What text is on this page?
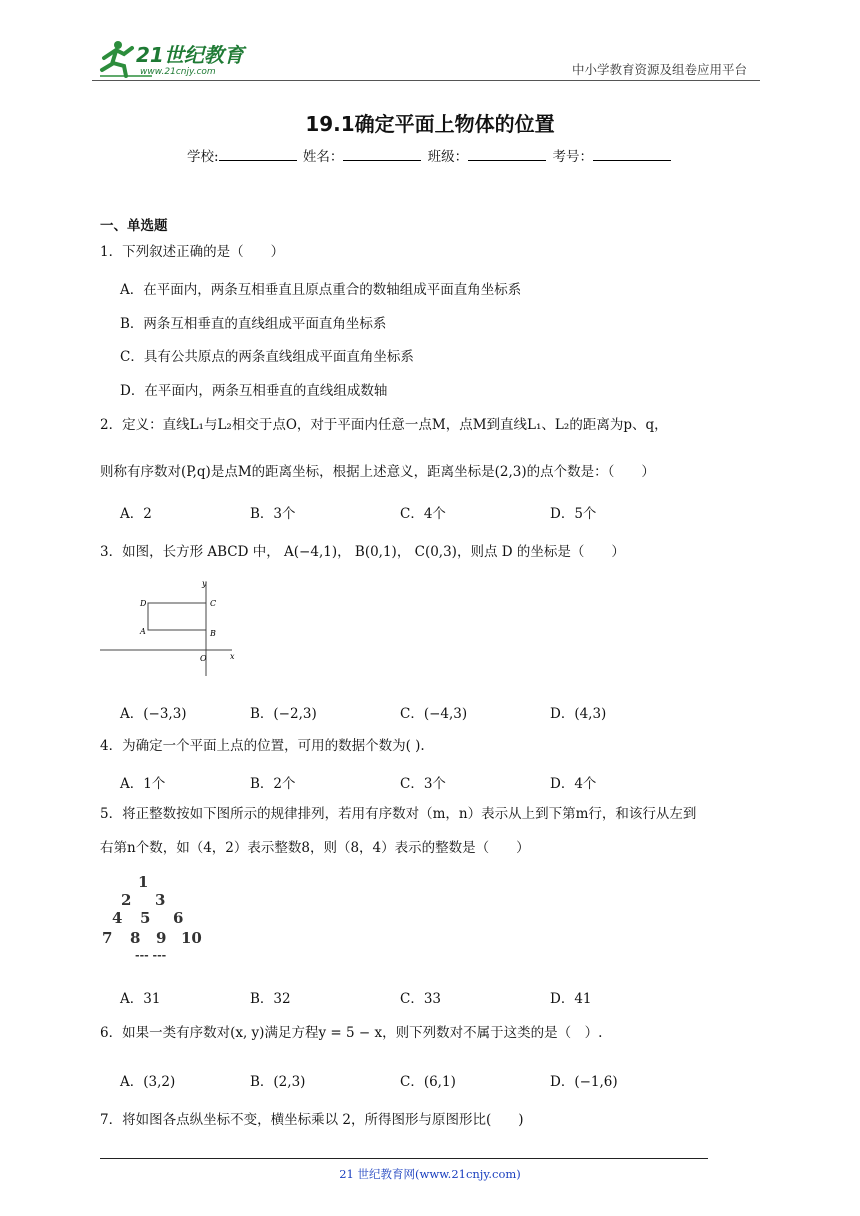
21世纪教育
www.21cnjy.com	中小学教育资源及组卷应用平台
19.1确定平面上物体的位置
学校:	姓名：	班级：	考号：
一、单选题
1．下列叙述正确的是（　　）
A．在平面内，两条互相垂直且原点重合的数轴组成平面直角坐标系
B．两条互相垂直的直线组成平面直角坐标系
C．具有公共原点的两条直线组成平面直角坐标系
D．在平面内，两条互相垂直的直线组成数轴
2．定义：直线L₁与L₂相交于点O，对于平面内任意一点M，点M到直线L₁、L₂的距离为p、q，
则称有序数对(P,q)是点M的距离坐标，根据上述意义，距离坐标是(2,3)的点个数是：（　　）
A．2	B．3个	C．4个	D．5个
3．如图，长方形 ABCD 中， A(−4,1)， B(0,1)， C(0,3)，则点 D 的坐标是（　　）
D	C
A	B
O	x
y
A．(−3,3)	B．(−2,3)	C．(−4,3)	D．(4,3)
4．为确定一个平面上点的位置，可用的数据个数为( ).
A．1个	B．2个	C．3个	D．4个
5．将正整数按如下图所示的规律排列，若用有序数对（m，n）表示从上到下第m行，和该行从左到
右第n个数，如（4，2）表示整数8，则（8，4）表示的整数是（　　）
1
2 3
4 5 6
7 8 9 10
--- ---
A．31	B．32	C．33	D．41
6．如果一类有序数对(x, y)满足方程y = 5 − x，则下列数对不属于这类的是（　）.
A．(3,2)	B．(2,3)	C．(6,1)	D．(−1,6)
7．将如图各点纵坐标不变，横坐标乘以 2，所得图形与原图形比(　　)
21 世纪教育网(www.21cnjy.com)
